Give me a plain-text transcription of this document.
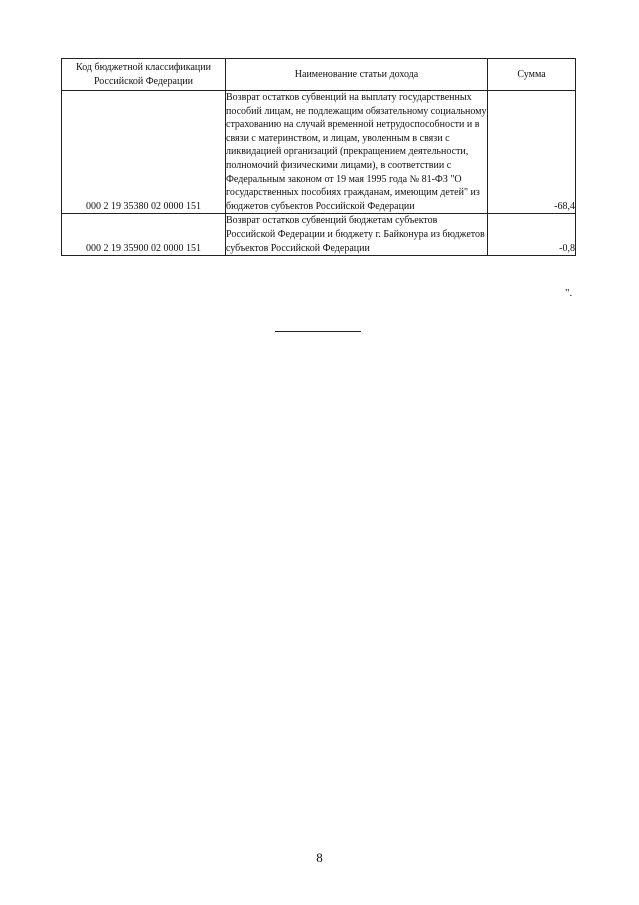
Код бюджетной классификации Российской Федерации	Наименование статьи дохода	Сумма
000 2 19 35380 02 0000 151	Возврат остатков субвенций на выплату государственных пособий лицам, не подлежащим обязательному социальному страхованию на случай временной нетрудоспособности и в связи с материнством, и лицам, уволенным в связи с ликвидацией организаций (прекращением деятельности, полномочий физическими лицами), в соответствии с Федеральным законом от 19 мая 1995 года № 81-ФЗ "О государственных пособиях гражданам, имеющим детей" из бюджетов субъектов Российской Федерации	-68,4
000 2 19 35900 02 0000 151	Возврат остатков субвенций бюджетам субъектов Российской Федерации и бюджету г. Байконура из бюджетов субъектов Российской Федерации	-0,8
".
8
